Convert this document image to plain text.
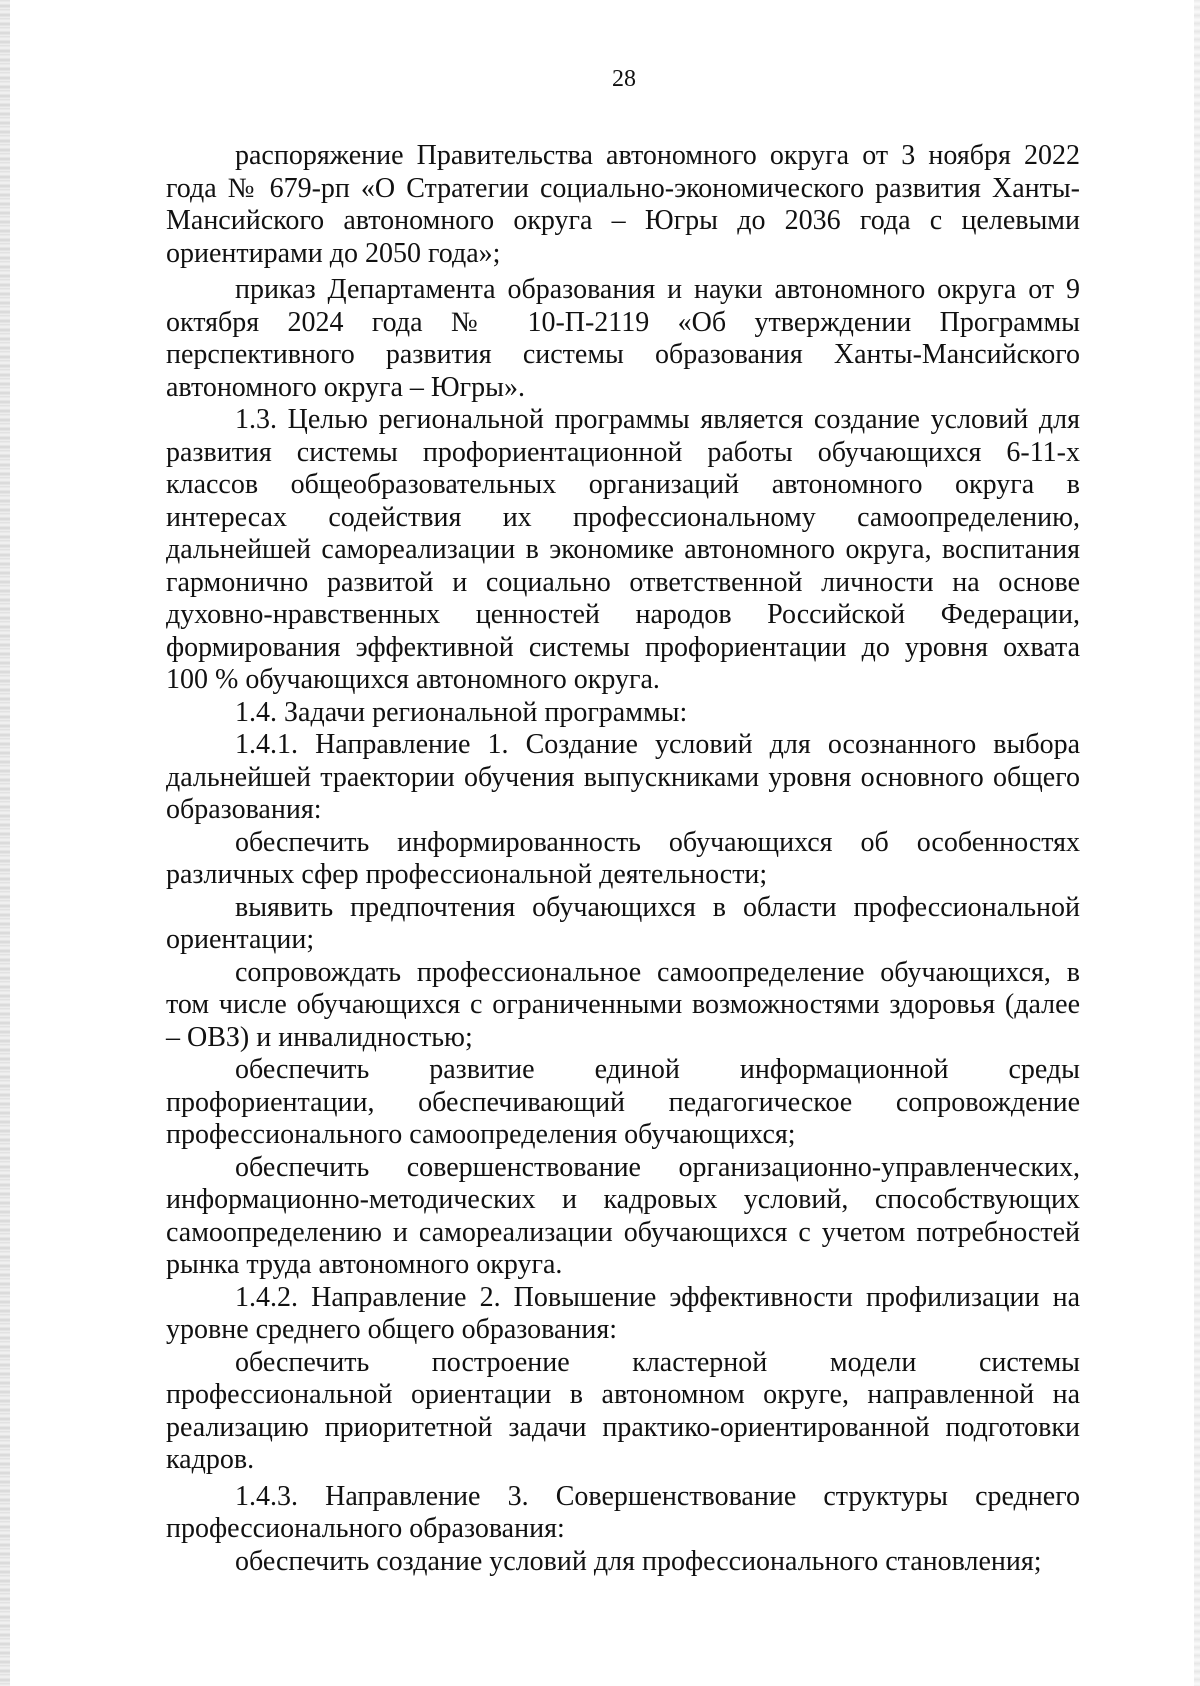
28

распоряжение Правительства автономного округа от 3 ноября 2022 года № 679-рп «О Стратегии социально-экономического развития Ханты-Мансийского автономного округа – Югры до 2036 года с целевыми ориентирами до 2050 года»;

приказ Департамента образования и науки автономного округа от 9 октября 2024 года № 10-П-2119 «Об утверждении Программы перспективного развития системы образования Ханты-Мансийского автономного округа – Югры».

1.3. Целью региональной программы является создание условий для развития системы профориентационной работы обучающихся 6-11-х классов общеобразовательных организаций автономного округа в интересах содействия их профессиональному самоопределению, дальнейшей самореализации в экономике автономного округа, воспитания гармонично развитой и социально ответственной личности на основе духовно-нравственных ценностей народов Российской Федерации, формирования эффективной системы профориентации до уровня охвата 100 % обучающихся автономного округа.

1.4. Задачи региональной программы:

1.4.1. Направление 1. Создание условий для осознанного выбора дальнейшей траектории обучения выпускниками уровня основного общего образования:

обеспечить информированность обучающихся об особенностях различных сфер профессиональной деятельности;

выявить предпочтения обучающихся в области профессиональной ориентации;

сопровождать профессиональное самоопределение обучающихся, в том числе обучающихся с ограниченными возможностями здоровья (далее – ОВЗ) и инвалидностью;

обеспечить развитие единой информационной среды профориентации, обеспечивающий педагогическое сопровождение профессионального самоопределения обучающихся;

обеспечить совершенствование организационно-управленческих, информационно-методических и кадровых условий, способствующих самоопределению и самореализации обучающихся с учетом потребностей рынка труда автономного округа.

1.4.2. Направление 2. Повышение эффективности профилизации на уровне среднего общего образования:

обеспечить построение кластерной модели системы профессиональной ориентации в автономном округе, направленной на реализацию приоритетной задачи практико-ориентированной подготовки кадров.

1.4.3. Направление 3. Совершенствование структуры среднего профессионального образования:

обеспечить создание условий для профессионального становления;
